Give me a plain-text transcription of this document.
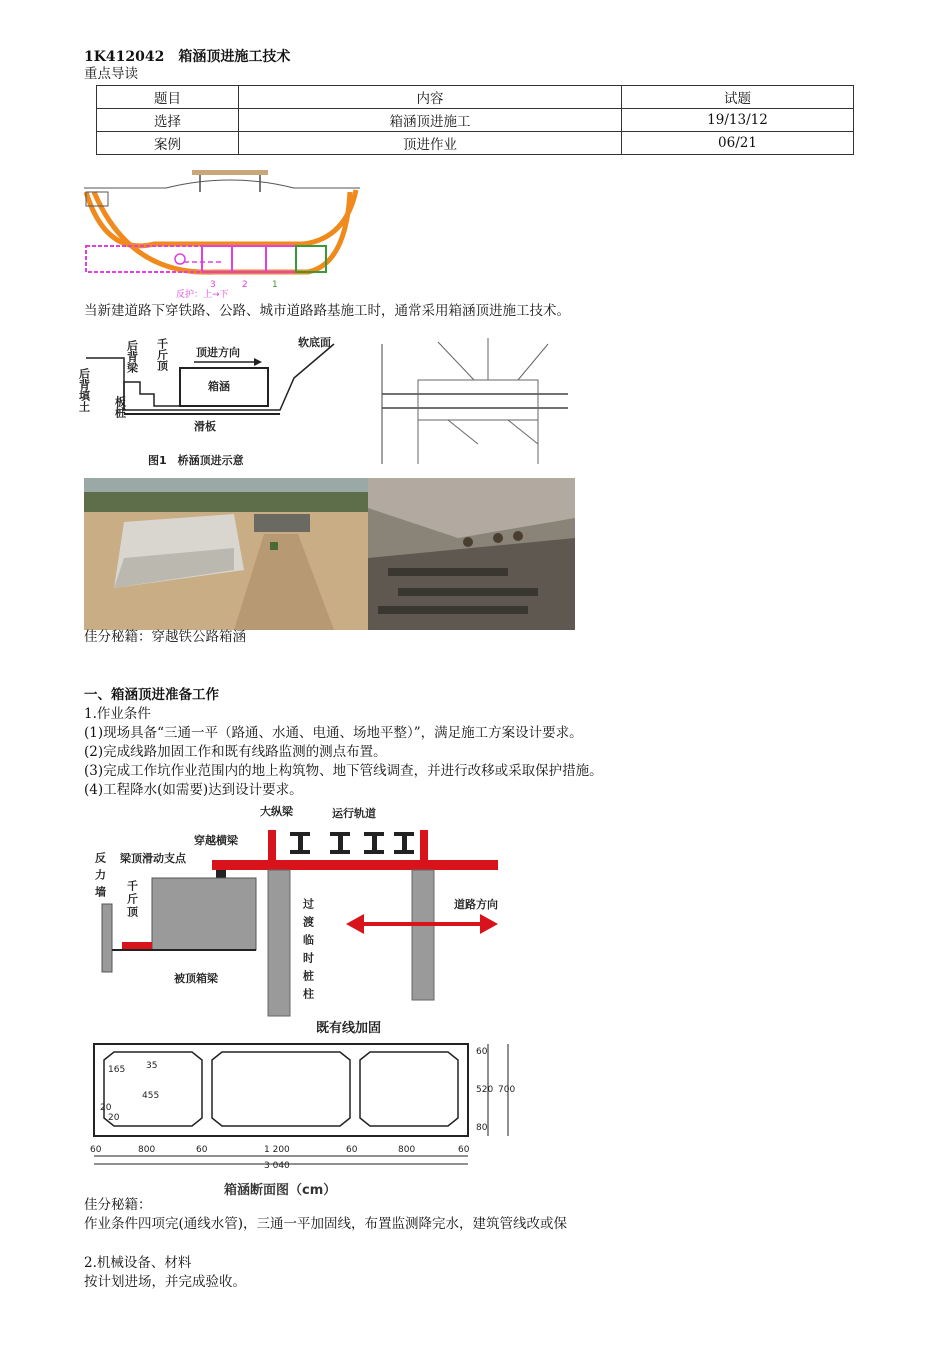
1K412042 箱涵顶进施工技术
重点导读
题目	内容	试题
选择	箱涵顶进施工	19/13/12
案例	顶进作业	06/21
3	2	1
反护：上→下
当新建道路下穿铁路、公路、城市道路路基施工时，通常采用箱涵顶进施工技术。
后背填土
后背梁 千斤顶	顶进方向
软底面
箱涵
板桩
滑板
图1　桥涵顶进示意
佳分秘籍：穿越铁公路箱涵
一、箱涵顶进准备工作
1.作业条件
(1)现场具备“三通一平（路通、水通、电通、场地平整）”，满足施工方案设计要求。
(2)完成线路加固工作和既有线路监测的测点布置。
(3)完成工作坑作业范围内的地上构筑物、地下管线调查，并进行改移或采取保护措施。
(4)工程降水(如需要)达到设计要求。
大纵梁	运行轨道
穿越横梁
梁顶滑动支点
反力墙 千斤顶	过渡临时桩柱	道路方向
被顶箱梁
既有线加固
60	800	60	1 200	60	800	60
3 040
165 35
455
20
20
60
520 700
80
箱涵断面图（cm）
佳分秘籍：
作业条件四项完(通线水管)，三通一平加固线，布置监测降完水，建筑管线改或保
2.机械设备、材料
按计划进场，并完成验收。
